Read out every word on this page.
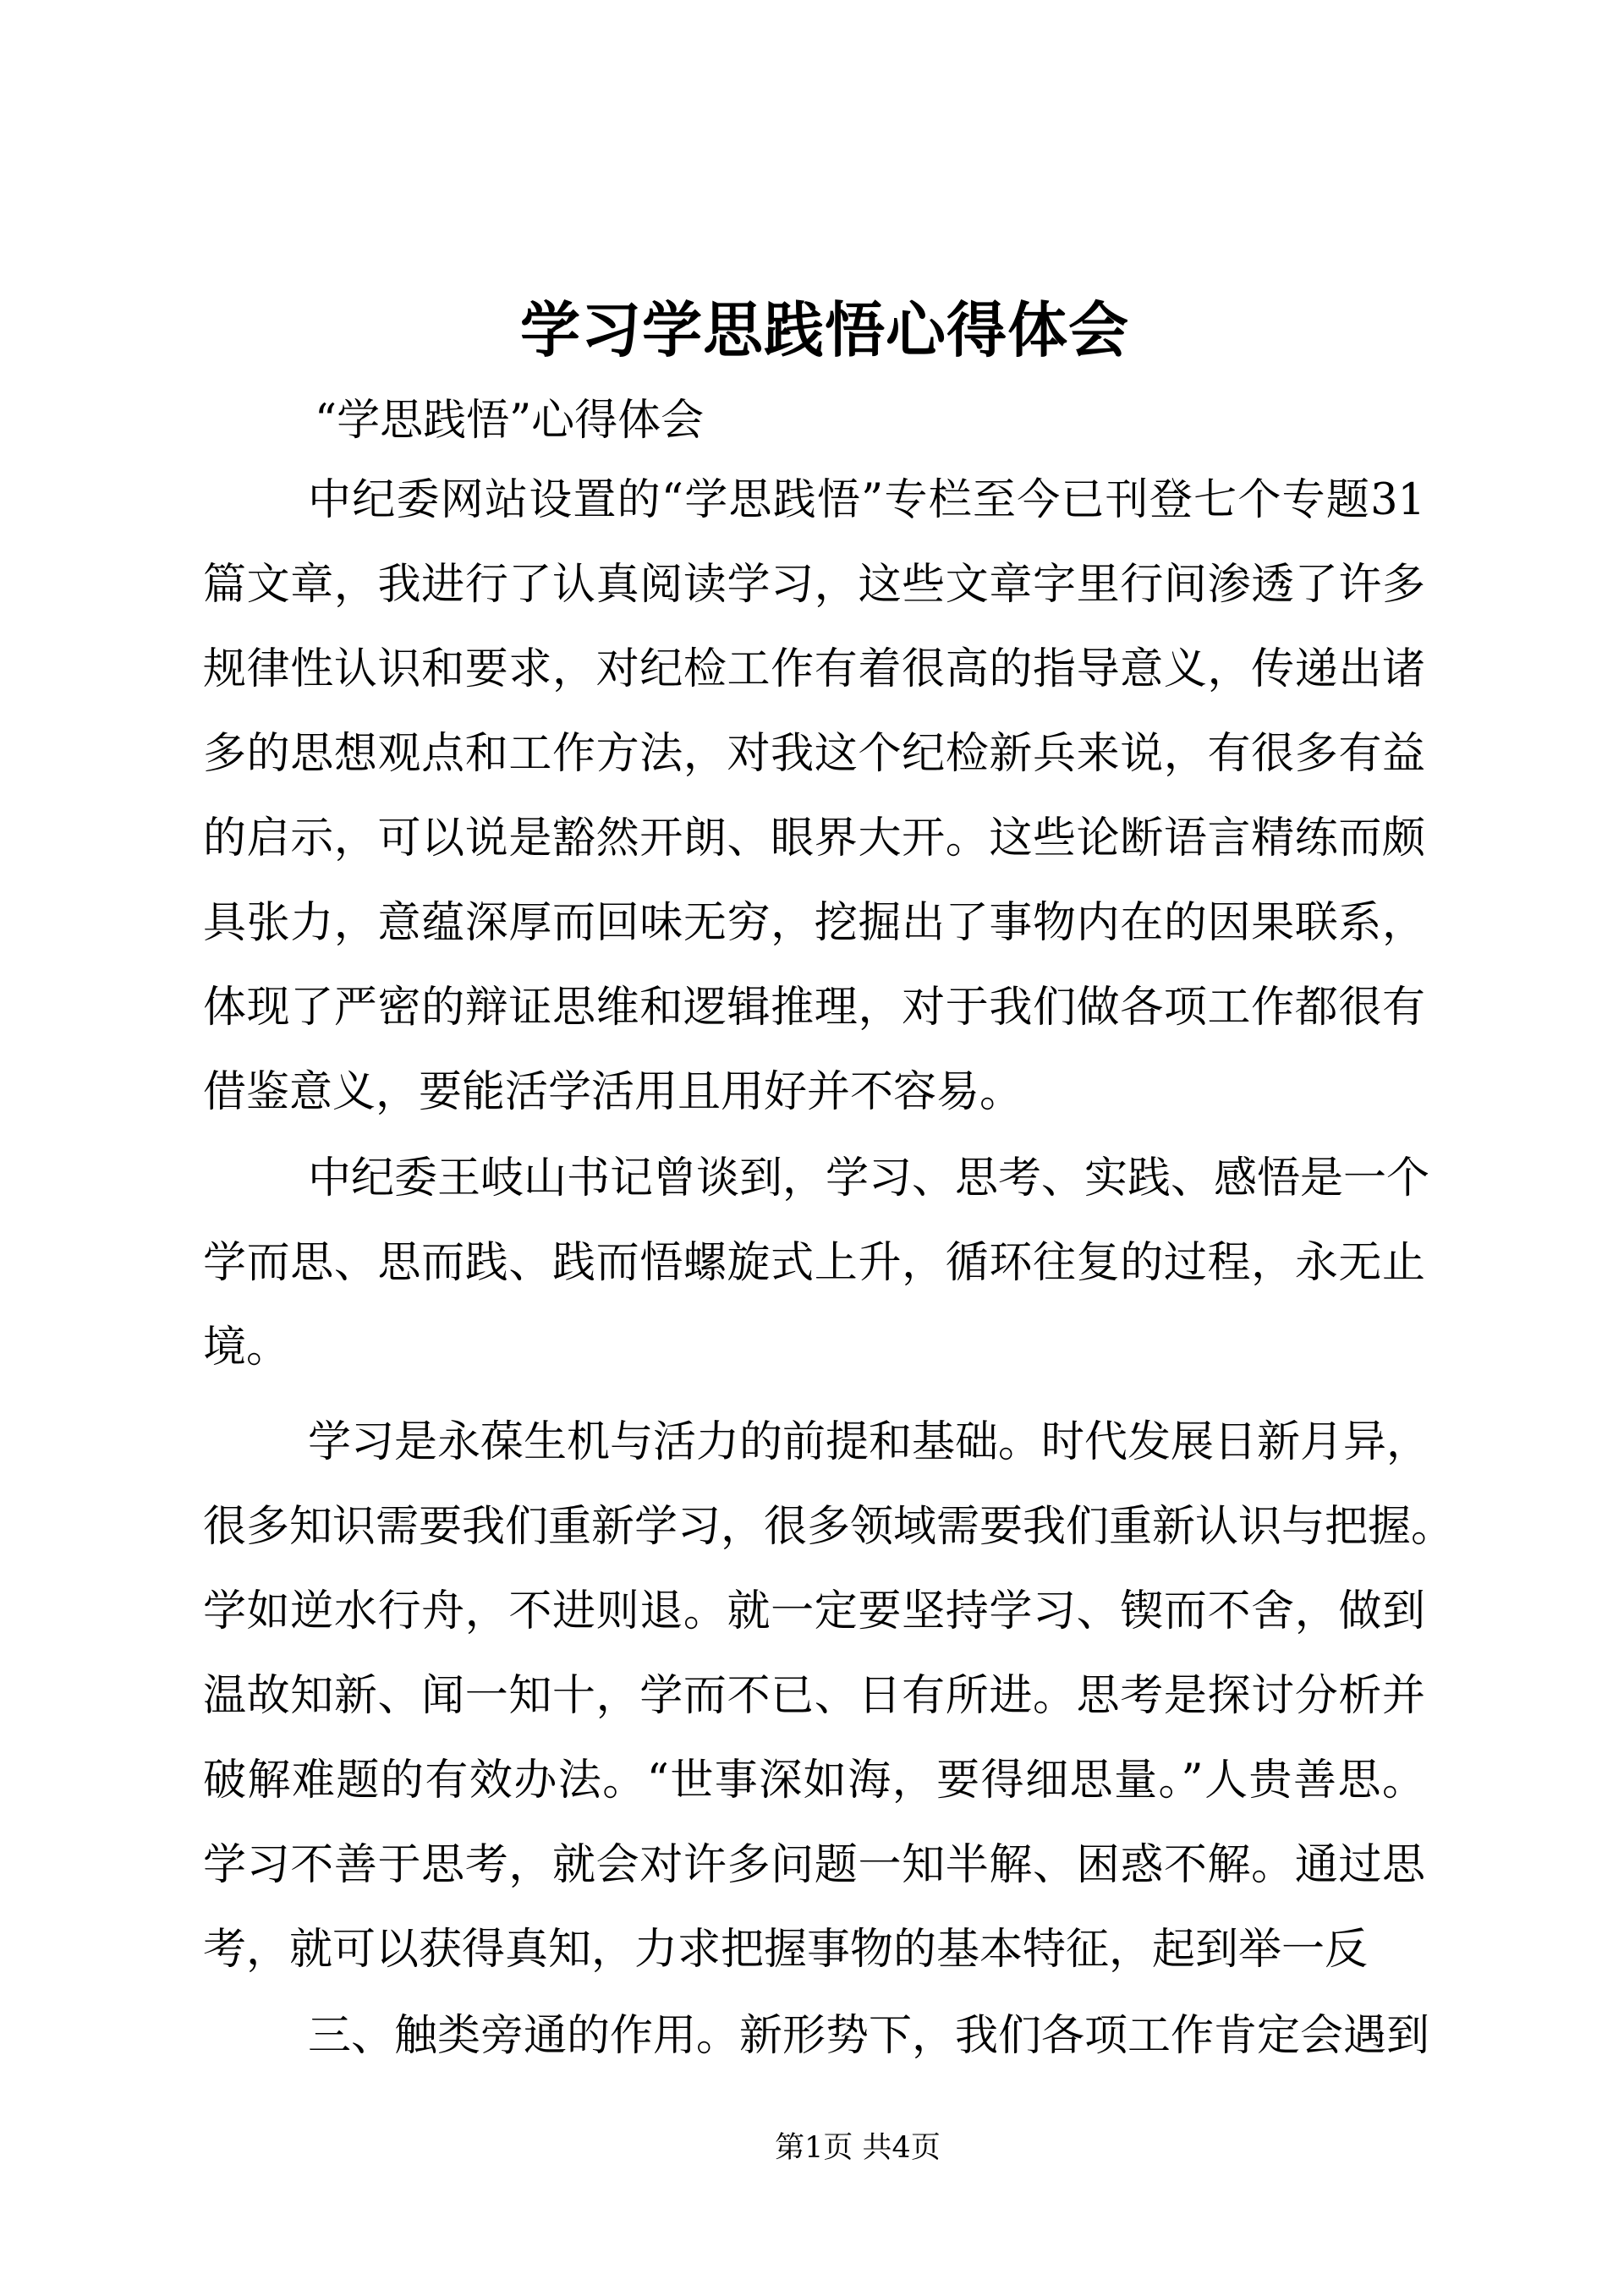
学习学思践悟心得体会
“学思践悟”心得体会
中纪委网站设置的“学思践悟”专栏至今已刊登七个专题31
篇文章，我进行了认真阅读学习，这些文章字里行间渗透了许多
规律性认识和要求，对纪检工作有着很高的指导意义，传递出诸
多的思想观点和工作方法，对我这个纪检新兵来说，有很多有益
的启示，可以说是豁然开朗、眼界大开。这些论断语言精练而颇
具张力，意蕴深厚而回味无穷，挖掘出了事物内在的因果联系，
体现了严密的辩证思维和逻辑推理，对于我们做各项工作都很有
借鉴意义，要能活学活用且用好并不容易。
中纪委王岐山书记曾谈到，学习、思考、实践、感悟是一个
学而思、思而践、践而悟螺旋式上升，循环往复的过程，永无止
境。
学习是永葆生机与活力的前提和基础。时代发展日新月异，
很多知识需要我们重新学习，很多领域需要我们重新认识与把握。
学如逆水行舟，不进则退。就一定要坚持学习、锲而不舍，做到
温故知新、闻一知十，学而不已、日有所进。思考是探讨分析并
破解难题的有效办法。“世事深如海，要得细思量。”人贵善思。
学习不善于思考，就会对许多问题一知半解、困惑不解。通过思
考，就可以获得真知，力求把握事物的基本特征，起到举一反
三、触类旁通的作用。新形势下，我们各项工作肯定会遇到
第1页 共4页
